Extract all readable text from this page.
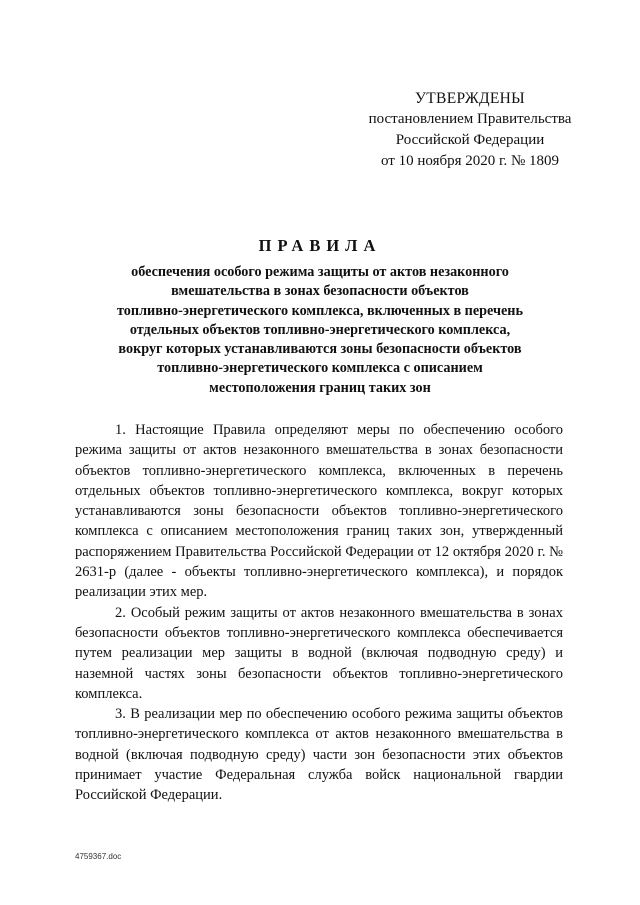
УТВЕРЖДЕНЫ
постановлением Правительства
Российской Федерации
от 10 ноября 2020 г. № 1809
ПРАВИЛА
обеспечения особого режима защиты от актов незаконного
вмешательства в зонах безопасности объектов
топливно-энергетического комплекса, включенных в перечень
отдельных объектов топливно-энергетического комплекса,
вокруг которых устанавливаются зоны безопасности объектов
топливно-энергетического комплекса с описанием
местоположения границ таких зон

1. Настоящие Правила определяют меры по обеспечению особого режима защиты от актов незаконного вмешательства в зонах безопасности объектов топливно-энергетического комплекса, включенных в перечень отдельных объектов топливно-энергетического комплекса, вокруг которых устанавливаются зоны безопасности объектов топливно-энергетического комплекса с описанием местоположения границ таких зон, утвержденный распоряжением Правительства Российской Федерации от 12 октября 2020 г. № 2631-р (далее - объекты топливно-энергетического комплекса), и порядок реализации этих мер.

2. Особый режим защиты от актов незаконного вмешательства в зонах безопасности объектов топливно-энергетического комплекса обеспечивается путем реализации мер защиты в водной (включая подводную среду) и наземной частях зоны безопасности объектов топливно-энергетического комплекса.

3. В реализации мер по обеспечению особого режима защиты объектов топливно-энергетического комплекса от актов незаконного вмешательства в водной (включая подводную среду) части зон безопасности этих объектов принимает участие Федеральная служба войск национальной гвардии Российской Федерации.

4759367.doc
